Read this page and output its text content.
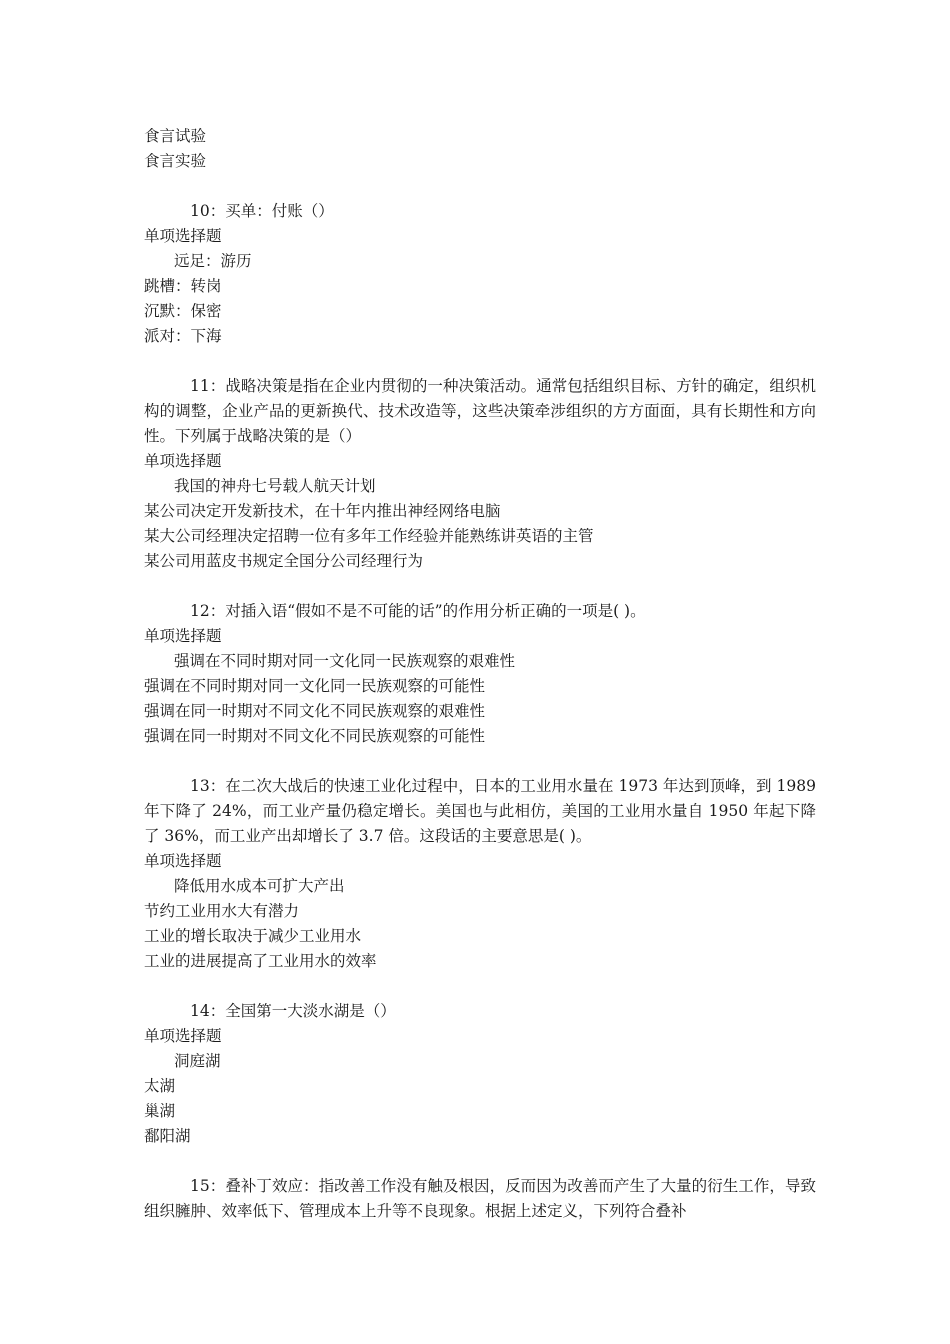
食言试验
食言实验
10：买单：付账（）
单项选择题
远足：游历
跳槽：转岗
沉默：保密
派对：下海
11：战略决策是指在企业内贯彻的一种决策活动。通常包括组织目标、方针的确定，组织机构的调整，企业产品的更新换代、技术改造等，这些决策牵涉组织的方方面面，具有长期性和方向性。下列属于战略决策的是（）
单项选择题
我国的神舟七号载人航天计划
某公司决定开发新技术，在十年内推出神经网络电脑
某大公司经理决定招聘一位有多年工作经验并能熟练讲英语的主管
某公司用蓝皮书规定全国分公司经理行为
12：对插入语“假如不是不可能的话”的作用分析正确的一项是( )。
单项选择题
强调在不同时期对同一文化同一民族观察的艰难性
强调在不同时期对同一文化同一民族观察的可能性
强调在同一时期对不同文化不同民族观察的艰难性
强调在同一时期对不同文化不同民族观察的可能性
13：在二次大战后的快速工业化过程中，日本的工业用水量在 1973 年达到顶峰，到 1989 年下降了 24%，而工业产量仍稳定增长。美国也与此相仿，美国的工业用水量自 1950 年起下降了 36%，而工业产出却增长了 3.7 倍。这段话的主要意思是( )。
单项选择题
降低用水成本可扩大产出
节约工业用水大有潜力
工业的增长取决于减少工业用水
工业的进展提高了工业用水的效率
14：全国第一大淡水湖是（）
单项选择题
洞庭湖
太湖
巢湖
鄱阳湖
15：叠补丁效应：指改善工作没有触及根因，反而因为改善而产生了大量的衍生工作，导致组织臃肿、效率低下、管理成本上升等不良现象。根据上述定义，下列符合叠补
